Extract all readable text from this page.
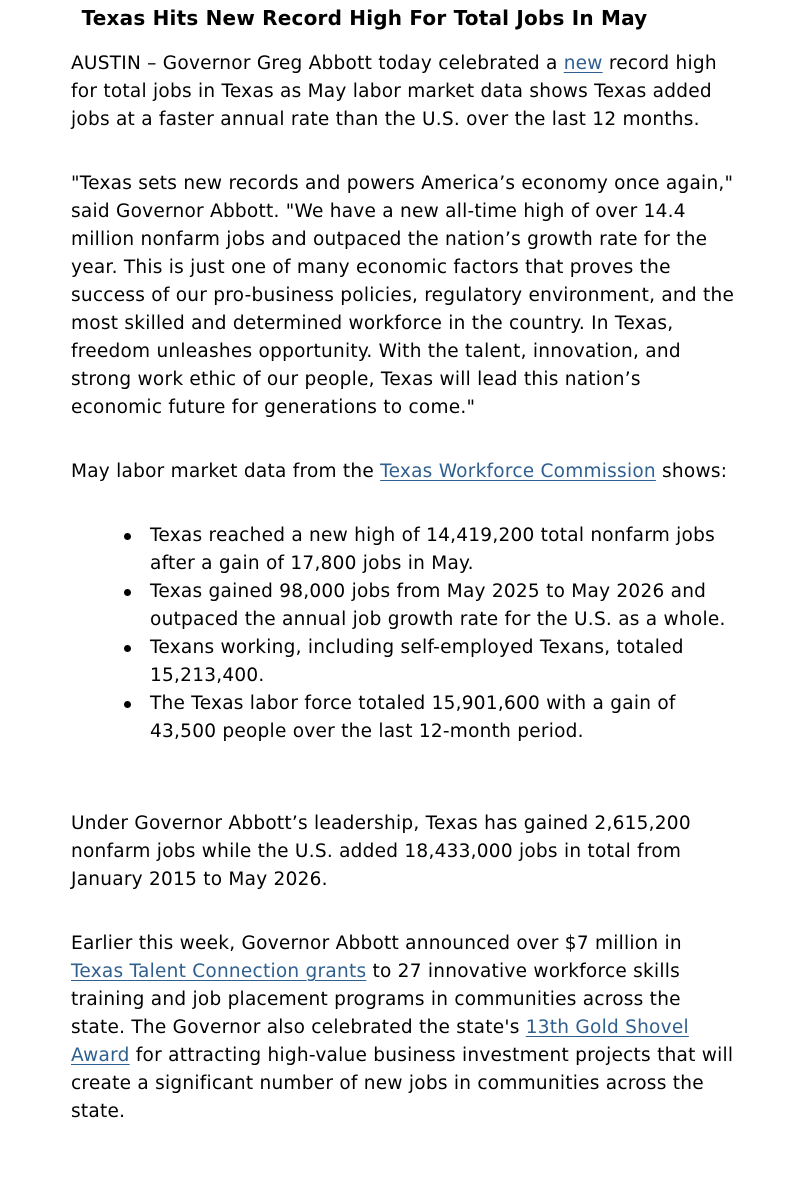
Texas Hits New Record High For Total Jobs In May

AUSTIN – Governor Greg Abbott today celebrated a new record high for total jobs in Texas as May labor market data shows Texas added jobs at a faster annual rate than the U.S. over the last 12 months.

"Texas sets new records and powers America’s economy once again," said Governor Abbott. "We have a new all-time high of over 14.4 million nonfarm jobs and outpaced the nation’s growth rate for the year. This is just one of many economic factors that proves the success of our pro-business policies, regulatory environment, and the most skilled and determined workforce in the country. In Texas, freedom unleashes opportunity. With the talent, innovation, and strong work ethic of our people, Texas will lead this nation’s economic future for generations to come."

May labor market data from the Texas Workforce Commission shows:

Texas reached a new high of 14,419,200 total nonfarm jobs after a gain of 17,800 jobs in May.
Texas gained 98,000 jobs from May 2025 to May 2026 and outpaced the annual job growth rate for the U.S. as a whole.
Texans working, including self-employed Texans, totaled 15,213,400.
The Texas labor force totaled 15,901,600 with a gain of 43,500 people over the last 12-month period.

Under Governor Abbott’s leadership, Texas has gained 2,615,200 nonfarm jobs while the U.S. added 18,433,000 jobs in total from January 2015 to May 2026.

Earlier this week, Governor Abbott announced over $7 million in Texas Talent Connection grants to 27 innovative workforce skills training and job placement programs in communities across the state. The Governor also celebrated the state's 13th Gold Shovel Award for attracting high-value business investment projects that will create a significant number of new jobs in communities across the state.
